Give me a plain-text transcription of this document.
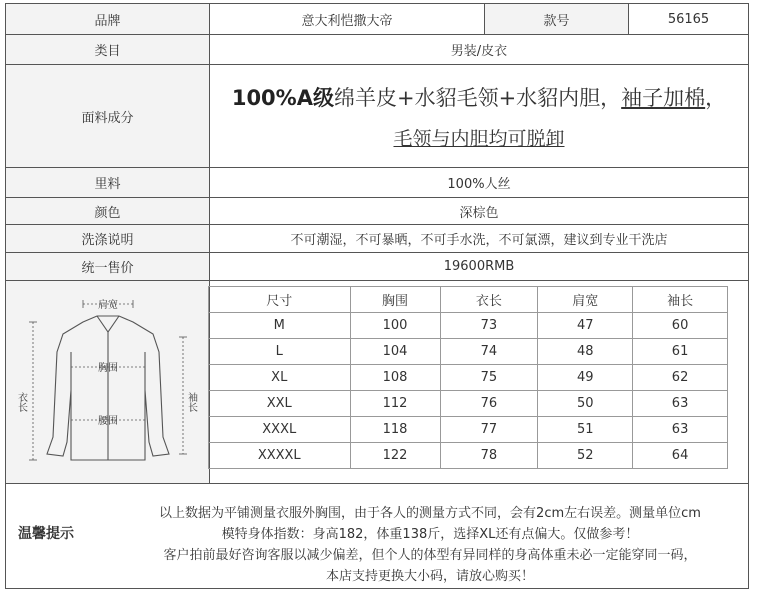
品牌	意大利恺撒大帝	款号	56165
类目	男装/皮衣
面料成分
100%A级绵羊皮+水貂毛领+水貂内胆，袖子加棉，
毛领与内胆均可脱卸
里料	100%人丝
颜色	深棕色
洗涤说明	不可潮湿，不可暴晒，不可手水洗，不可氯漂，建议到专业干洗店
统一售价	19600RMB
肩宽
胸围
腰围
衣长	袖长
尺寸	胸围	衣长	肩宽	袖长
M	100	73	47	60
L	104	74	48	61
XL	108	75	49	62
XXL	112	76	50	63
XXXL	118	77	51	63
XXXXL	122	78	52	64
温馨提示
以上数据为平铺测量衣服外胸围，由于各人的测量方式不同，会有2cm左右误差。测量单位cm
模特身体指数：身高182，体重138斤，选择XL还有点偏大。仅做参考！
客户拍前最好咨询客服以减少偏差，但个人的体型有异同样的身高体重未必一定能穿同一码，
本店支持更换大小码，请放心购买！
